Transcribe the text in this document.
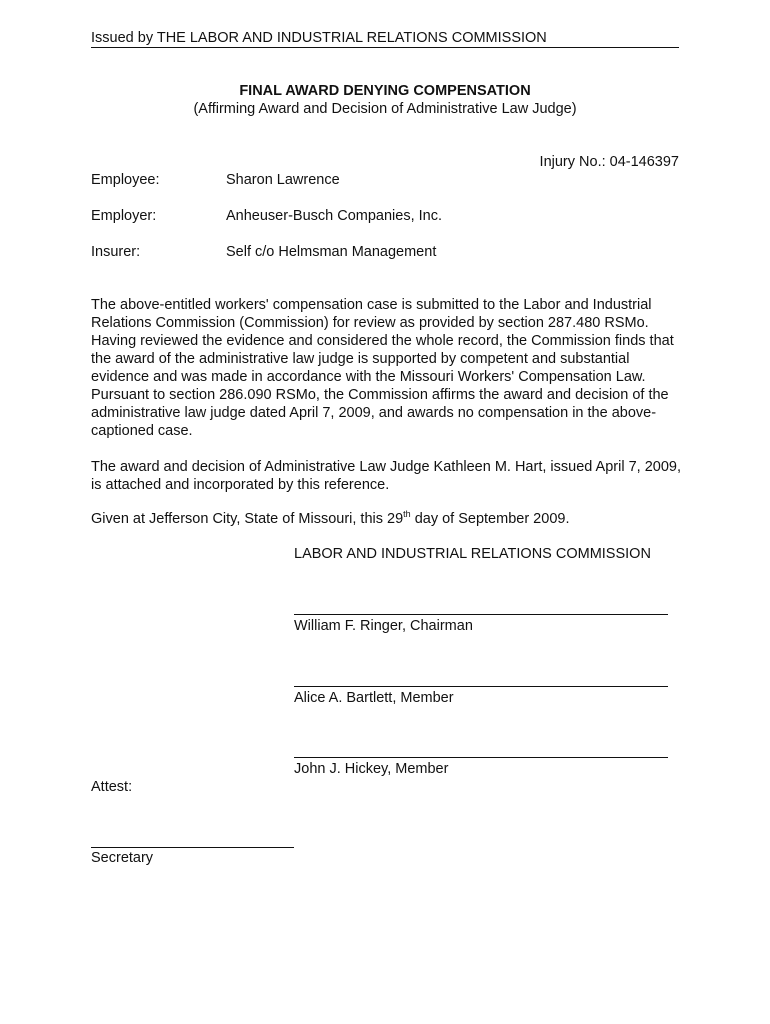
Issued by THE LABOR AND INDUSTRIAL RELATIONS COMMISSION
FINAL AWARD DENYING COMPENSATION
(Affirming Award and Decision of Administrative Law Judge)
Injury No.: 04-146397
Employee:	Sharon Lawrence
Employer:	Anheuser-Busch Companies, Inc.
Insurer:	Self c/o Helmsman Management

The above-entitled workers' compensation case is submitted to the Labor and Industrial Relations Commission (Commission) for review as provided by section 287.480 RSMo. Having reviewed the evidence and considered the whole record, the Commission finds that the award of the administrative law judge is supported by competent and substantial evidence and was made in accordance with the Missouri Workers' Compensation Law. Pursuant to section 286.090 RSMo, the Commission affirms the award and decision of the administrative law judge dated April 7, 2009, and awards no compensation in the above-captioned case.

The award and decision of Administrative Law Judge Kathleen M. Hart, issued April 7, 2009, is attached and incorporated by this reference.

Given at Jefferson City, State of Missouri, this 29th day of September 2009.
LABOR AND INDUSTRIAL RELATIONS COMMISSION
William F. Ringer, Chairman
Alice A. Bartlett, Member
John J. Hickey, Member
Attest:
Secretary
